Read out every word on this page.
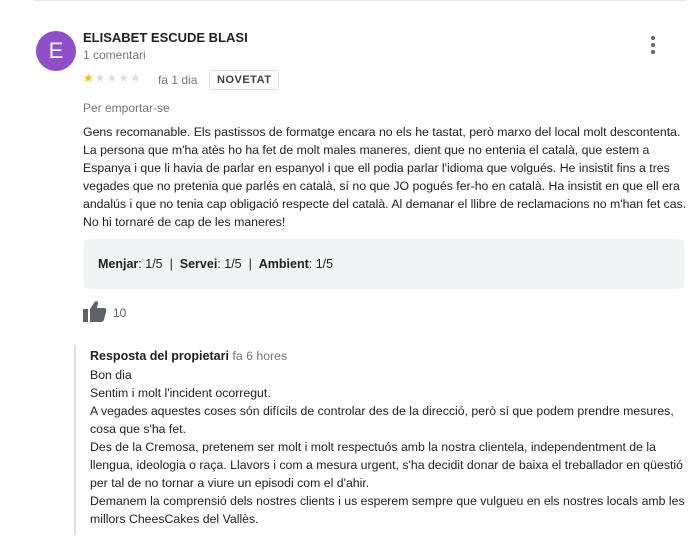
E
ELISABET ESCUDE BLASI
1 comentari
★★★★★ fa 1 dia	NOVETAT
Per emportar-se
Gens recomanable. Els pastissos de formatge encara no els he tastat, però marxo del local molt descontenta. La persona que m'ha atès ho ha fet de molt males maneres, dient que no entenia el català, que estem a Espanya i que li havia de parlar en espanyol i que ell podia parlar l'idioma que volgués. He insistit fins a tres vegades que no pretenia que parlés en català, sí no que JO pogués fer-ho en català. Ha insistit en que ell era andalús i que no tenia cap obligació respecte del català. Al demanar el llibre de reclamacions no m'han fet cas. No hi tornaré de cap de les maneres!
Menjar: 1/5  |  Servei: 1/5  |  Ambient: 1/5
10
Resposta del propietari fa 6 hores
Bon dia
Sentim i molt l'incident ocorregut.
A vegades aquestes coses són difícils de controlar des de la direcció, però sí que podem prendre mesures, cosa que s'ha fet.
Des de la Cremosa, pretenem ser molt i molt respectuós amb la nostra clientela, independentment de la llengua, ideologia o raça. Llavors i com a mesura urgent, s'ha decidit donar de baixa el treballador en qüestió per tal de no tornar a viure un episodi com el d'ahir.
Demanem la comprensió dels nostres clients i us esperem sempre que vulgueu en els nostres locals amb les millors CheesCakes del Vallès.
